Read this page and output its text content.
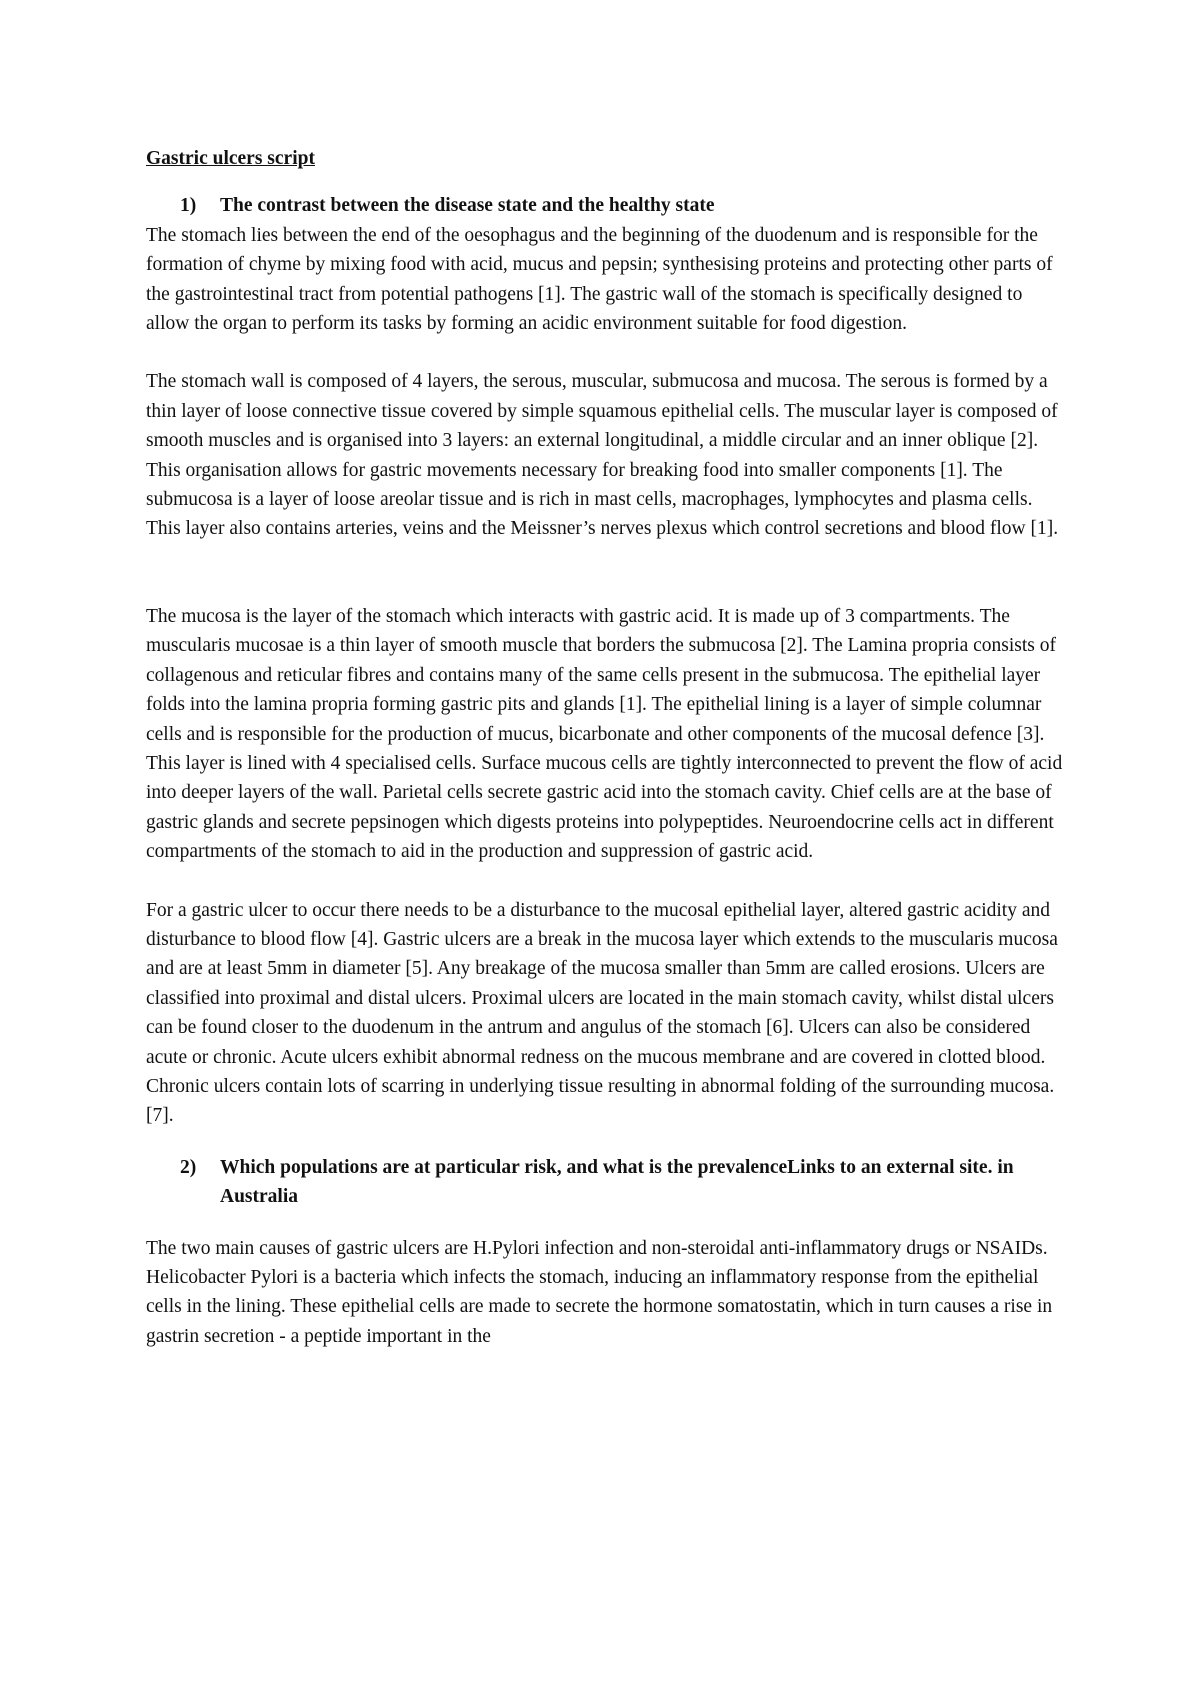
Gastric ulcers script
1)	The contrast between the disease state and the healthy state

The stomach lies between the end of the oesophagus and the beginning of the duodenum and is responsible for the formation of chyme by mixing food with acid, mucus and pepsin; synthesising proteins and protecting other parts of the gastrointestinal tract from potential pathogens [1]. The gastric wall of the stomach is specifically designed to allow the organ to perform its tasks by forming an acidic environment suitable for food digestion.

The stomach wall is composed of 4 layers, the serous, muscular, submucosa and mucosa. The serous is formed by a thin layer of loose connective tissue covered by simple squamous epithelial cells. The muscular layer is composed of smooth muscles and is organised into 3 layers: an external longitudinal, a middle circular and an inner oblique [2]. This organisation allows for gastric movements necessary for breaking food into smaller components [1]. The submucosa is a layer of loose areolar tissue and is rich in mast cells, macrophages, lymphocytes and plasma cells. This layer also contains arteries, veins and the Meissner’s nerves plexus which control secretions and blood flow [1].

The mucosa is the layer of the stomach which interacts with gastric acid. It is made up of 3 compartments. The muscularis mucosae is a thin layer of smooth muscle that borders the submucosa [2]. The Lamina propria consists of collagenous and reticular fibres and contains many of the same cells present in the submucosa. The epithelial layer folds into the lamina propria forming gastric pits and glands [1]. The epithelial lining is a layer of simple columnar cells and is responsible for the production of mucus, bicarbonate and other components of the mucosal defence [3]. This layer is lined with 4 specialised cells. Surface mucous cells are tightly interconnected to prevent the flow of acid into deeper layers of the wall. Parietal cells secrete gastric acid into the stomach cavity. Chief cells are at the base of gastric glands and secrete pepsinogen which digests proteins into polypeptides. Neuroendocrine cells act in different compartments of the stomach to aid in the production and suppression of gastric acid.

For a gastric ulcer to occur there needs to be a disturbance to the mucosal epithelial layer, altered gastric acidity and disturbance to blood flow [4]. Gastric ulcers are a break in the mucosa layer which extends to the muscularis mucosa and are at least 5mm in diameter [5]. Any breakage of the mucosa smaller than 5mm are called erosions. Ulcers are classified into proximal and distal ulcers. Proximal ulcers are located in the main stomach cavity, whilst distal ulcers can be found closer to the duodenum in the antrum and angulus of the stomach [6]. Ulcers can also be considered acute or chronic. Acute ulcers exhibit abnormal redness on the mucous membrane and are covered in clotted blood. Chronic ulcers contain lots of scarring in underlying tissue resulting in abnormal folding of the surrounding mucosa. [7].

2)	Which populations are at particular risk, and what is the prevalenceLinks to an external site. in Australia

The two main causes of gastric ulcers are H.Pylori infection and non-steroidal anti-inflammatory drugs or NSAIDs. Helicobacter Pylori is a bacteria which infects the stomach, inducing an inflammatory response from the epithelial cells in the lining. These epithelial cells are made to secrete the hormone somatostatin, which in turn causes a rise in gastrin secretion - a peptide important in the
